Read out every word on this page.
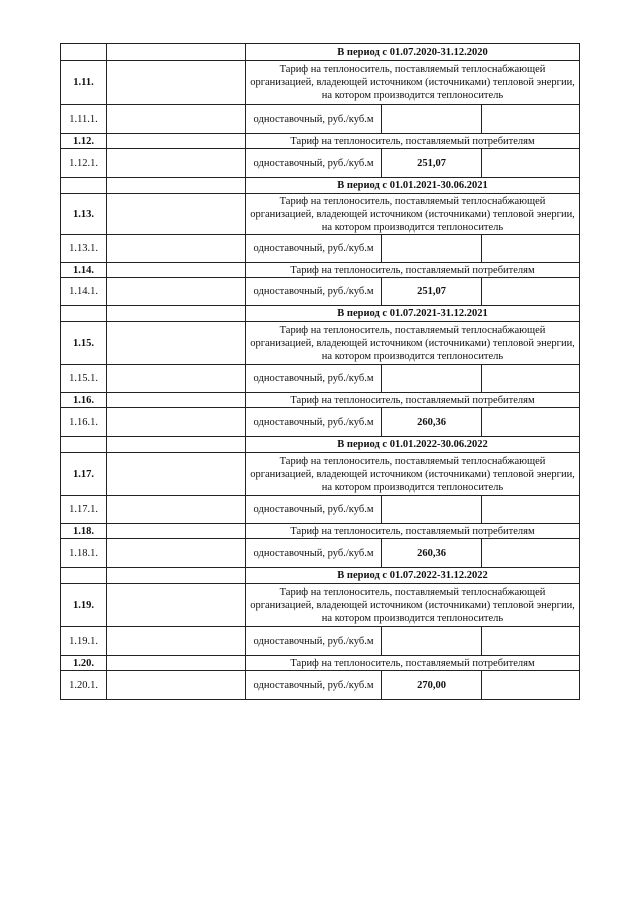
		В период с 01.07.2020-31.12.2020		
1.11.		Тариф на теплоноситель, поставляемый теплоснабжающей организацией, владеющей источником (источниками) тепловой энергии, на котором производится теплоноситель		
1.11.1.		одноставочный, руб./куб.м		
1.12.		Тариф на теплоноситель, поставляемый потребителям		
1.12.1.		одноставочный, руб./куб.м	251,07	
		В период с 01.01.2021-30.06.2021		
1.13.		Тариф на теплоноситель, поставляемый теплоснабжающей организацией, владеющей источником (источниками) тепловой энергии, на котором производится теплоноситель		
1.13.1.		одноставочный, руб./куб.м		
1.14.		Тариф на теплоноситель, поставляемый потребителям		
1.14.1.		одноставочный, руб./куб.м	251,07	
		В период с 01.07.2021-31.12.2021		
1.15.		Тариф на теплоноситель, поставляемый теплоснабжающей организацией, владеющей источником (источниками) тепловой энергии, на котором производится теплоноситель		
1.15.1.		одноставочный, руб./куб.м		
1.16.		Тариф на теплоноситель, поставляемый потребителям		
1.16.1.		одноставочный, руб./куб.м	260,36	
		В период с 01.01.2022-30.06.2022		
1.17.		Тариф на теплоноситель, поставляемый теплоснабжающей организацией, владеющей источником (источниками) тепловой энергии, на котором производится теплоноситель		
1.17.1.		одноставочный, руб./куб.м		
1.18.		Тариф на теплоноситель, поставляемый потребителям		
1.18.1.		одноставочный, руб./куб.м	260,36	
		В период с 01.07.2022-31.12.2022		
1.19.		Тариф на теплоноситель, поставляемый теплоснабжающей организацией, владеющей источником (источниками) тепловой энергии, на котором производится теплоноситель		
1.19.1.		одноставочный, руб./куб.м		
1.20.		Тариф на теплоноситель, поставляемый потребителям		
1.20.1.		одноставочный, руб./куб.м	270,00	
